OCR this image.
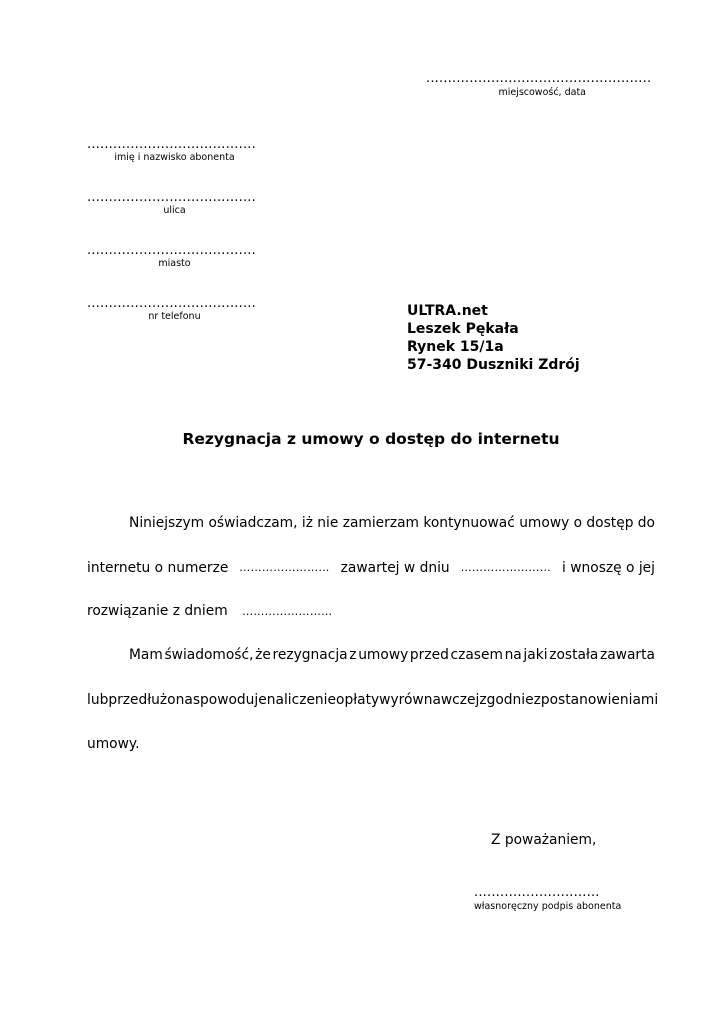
....................................................
miejscowość, data
.......................................
imię i nazwisko abonenta
.......................................
ulica
.......................................
miasto
.......................................
nr telefonu	ULTRA.net
Leszek Pękała
Rynek 15/1a
57-340 Duszniki Zdrój
Rezygnacja z umowy o dostęp do internetu
Niniejszym oświadczam, iż nie zamierzam kontynuować umowy o dostęp do
internetu o numerze …………………… zawartej w dniu …………………… i wnoszę o jej
rozwiązanie z dniem ……………………
Mam świadomość, że rezygnacja z umowy przed czasem na jaki została zawarta
lub przedłużona spowoduje naliczenie opłaty wyrównawczej zgodnie z postanowieniami
umowy.
Z poważaniem,
.............................
własnoręczny podpis abonenta
